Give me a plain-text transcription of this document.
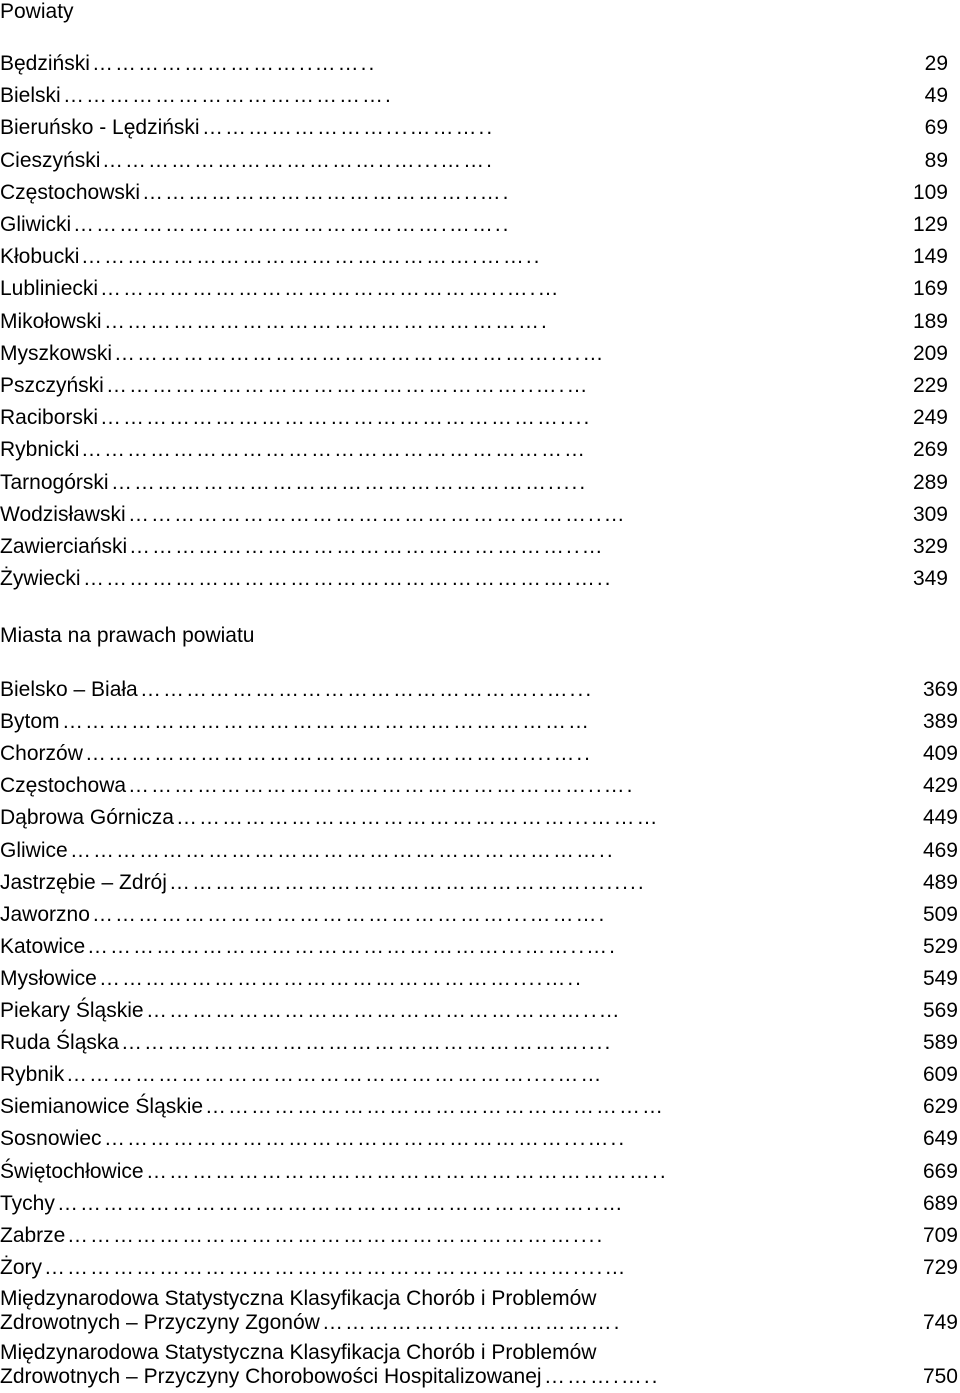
Powiaty
Będziński ………………………..……..	29
Bielski …………………………………….	49
Bieruńsko - Lędziński ……………………...………..	69
Cieszyński ………………………………..…...…….	89
Częstochowski ……………………………………..….	109
Gliwicki ………………………………………….……..	129
Kłobucki …………………………………………….……..	149
Lubliniecki ……………………………………………..….…	169
Mikołowski ………………………………………………….	189
Myszkowski …………………………………………………....…	209
Pszczyński ………………………………………………..….…	229
Raciborski ……………………………………………………....	249
Rybnicki …………………………………………………………	269
Tarnogórski ………………………………………………….....	289
Wodzisławski ……………………………………………………..…	309
Zawierciański …………………………………………………..…	329
Żywiecki ……………………………………………………….…..	349
Miasta na prawach powiatu
Bielsko – Biała ……………………………………………..…...	369
Bytom ……………………………………………………………	389
Chorzów …………………………………………………....…..	409
Częstochowa ……………………………………………………..….	429
Dąbrowa Górnicza ……………………………………………...………	449
Gliwice ……………………………………………………………..	469
Jastrzębie – Zdrój ………………………………………………........	489
Jaworzno ………………………………………………...……….	509
Katowice ………………………………………………...……..….	529
Mysłowice ………………………………………………....…..	549
Piekary Śląskie …………………………………………………..…	569
Ruda Śląska ……………………………………………………....	589
Rybnik ……………………………………………………....……	609
Siemianowice Śląskie ……………………………………………………	629
Sosnowiec ……………………………………………………...…..	649
Świętochłowice …………………………………………………………..	669
Tychy ……………………………………………………………..…	689
Zabrze …………………………………………………………....	709
Żory ……………………………………………………………....…	729
Międzynarodowa Statystyczna Klasyfikacja Chorób i Problemów
Zdrowotnych – Przyczyny Zgonów ……………..………………….	749
Międzynarodowa Statystyczna Klasyfikacja Chorób i Problemów
Zdrowotnych – Przyczyny Chorobowości Hospitalizowanej ……….…..	750
